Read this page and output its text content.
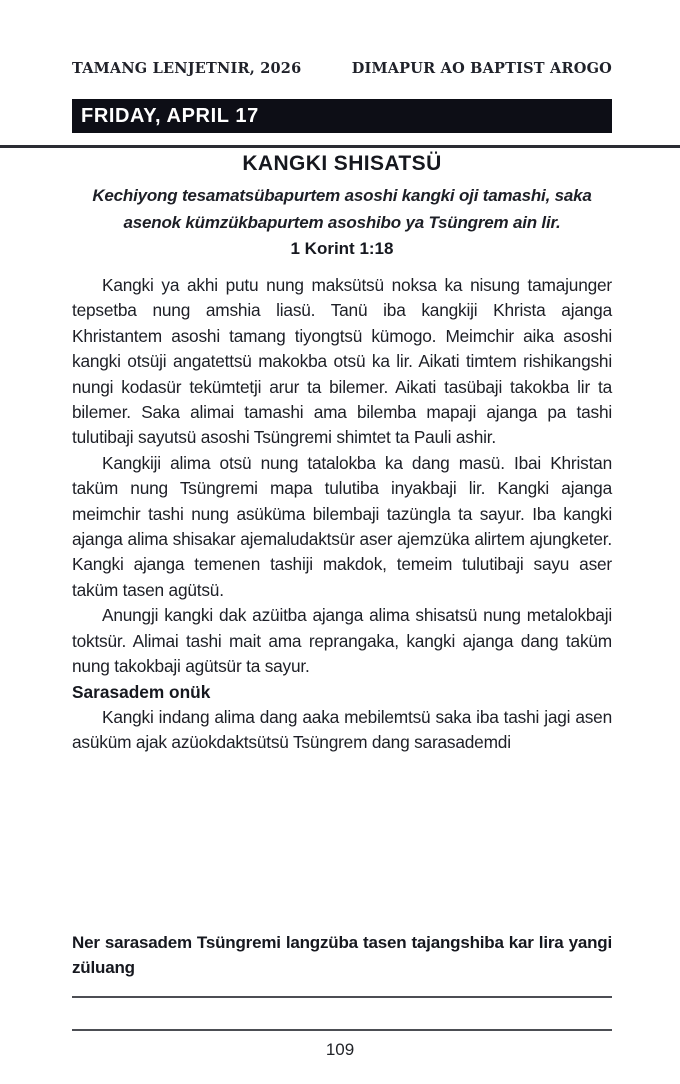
TAMANG LENJETNIR, 2026	DIMAPUR AO BAPTIST AROGO
FRIDAY, APRIL 17
KANGKI SHISATSÜ
Kechiyong tesamatsübapurtem asoshi kangki oji tamashi, saka asenok kümzükbapurtem asoshibo ya Tsüngrem ain lir.
1 Korint 1:18

Kangki ya akhi putu nung maksütsü noksa ka nisung tamajunger tepsetba nung amshia liasü. Tanü iba kangkiji Khrista ajanga Khristantem asoshi tamang tiyongtsü kümogo. Meimchir aika asoshi kangki otsüji angatettsü makokba otsü ka lir. Aikati timtem rishikangshi nungi kodasür tekümtetji arur ta bilemer. Aikati tasübaji takokba lir ta bilemer. Saka alimai tamashi ama bilemba mapaji ajanga pa tashi tulutibaji sayutsü asoshi Tsüngremi shimtet ta Pauli ashir.

Kangkiji alima otsü nung tatalokba ka dang masü. Ibai Khristan taküm nung Tsüngremi mapa tulutiba inyakbaji lir. Kangki ajanga meimchir tashi nung asüküma bilembaji tazüngla ta sayur. Iba kangki ajanga alima shisakar ajemaludaktsür aser ajemzüka alirtem ajungketer. Kangki ajanga temenen tashiji makdok, temeim tulutibaji sayu aser taküm tasen agütsü.

Anungji kangki dak azüitba ajanga alima shisatsü nung metalokbaji toktsür. Alimai tashi mait ama reprangaka, kangki ajanga dang taküm nung takokbaji agütsür ta sayur.

Sarasadem onük

Kangki indang alima dang aaka mebilemtsü saka iba tashi jagi asen asüküm ajak azüokdaktsütsü Tsüngrem dang sarasademdi

Ner sarasadem Tsüngremi langzüba tasen tajangshiba kar lira yangi züluang
109
